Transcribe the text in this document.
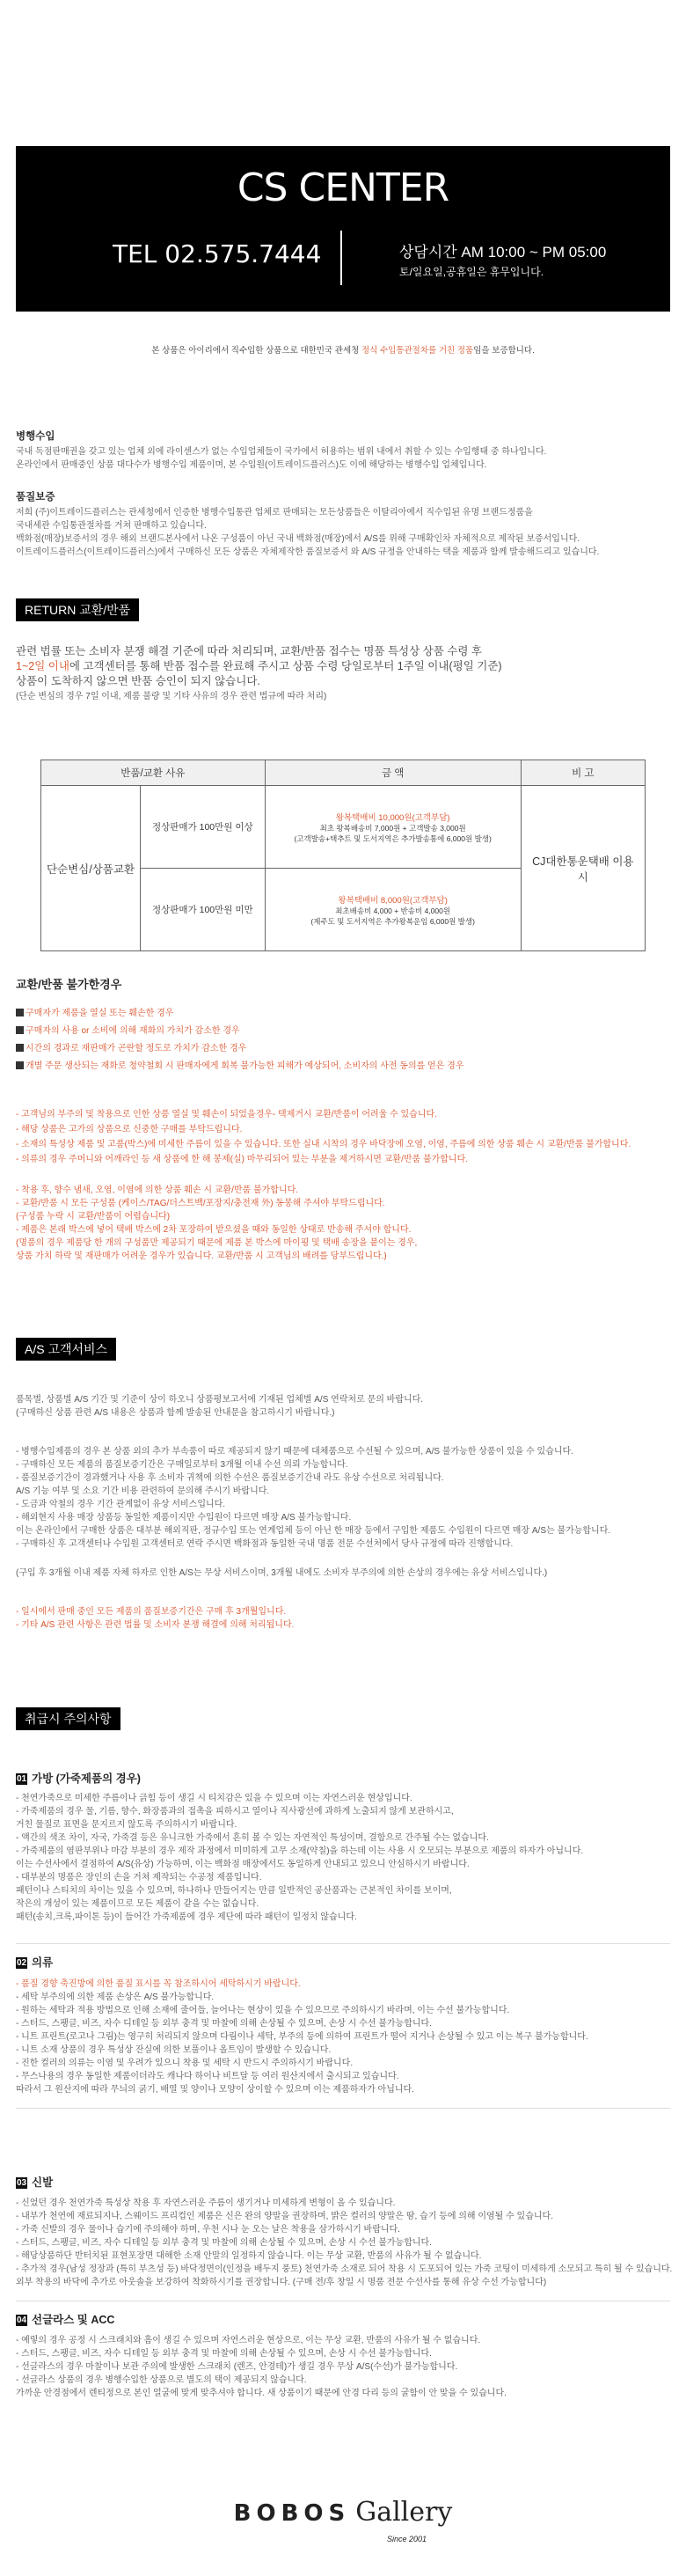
CS CENTER
TEL 02.575.7444	상담시간 AM 10:00 ~ PM 05:00
토/일요일,공휴일은 휴무입니다.
본 상품은 아이리에서 직수입한 상품으로 대한민국 관세청 정식 수입통관절차를 거친 정품임을 보증합니다.
병행수입
국내 독점판매권을 갖고 있는 업체 외에 라이센스가 없는 수입업체들이 국가에서 허용하는 범위 내에서 취할 수 있는 수입행태 중 하나입니다.
온라인에서 판매중인 상품 대다수가 병행수입 제품이며, 본 수입원(이트레이드플러스)도 이에 해당하는 병행수입 업체입니다.
품질보증
저희 (주)이트레이드플러스는 관세청에서 인증한 병행수입통관 업체로 판매되는 모든상품들은 이탈리아에서 직수입된 유명 브랜드정품을
국내세관 수입통관절차를 거쳐 판매하고 있습니다.
백화점(매장)보증서의 경우 해외 브랜드본사에서 나온 구성품이 아닌 국내 백화점(매장)에서 A/S를 위해 구매확인차 자체적으로 제작된 보증서입니다.
이트레이드플러스(이트레이드플러스)에서 구매하신 모든 상품은 자체제작한 품질보증서 와 A/S 규정을 안내하는 택을 제품과 함께 발송해드리고 있습니다.
RETURN 교환/반품
관련 법률 또는 소비자 분쟁 해결 기준에 따라 처리되며, 교환/반품 접수는 명품 특성상 상품 수령 후
1~2일 이내에 고객센터를 통해 반품 접수를 완료해 주시고 상품 수령 당일로부터 1주일 이내(평일 기준)
상품이 도착하지 않으면 반품 승인이 되지 않습니다.
(단순 변심의 경우 7일 이내, 제품 불량 및 기타 사유의 경우 관련 법규에 따라 처리)
반품/교환 사유		금 액	비 고
단순변심/상품교환	정상판매가 100만원 이상	왕복택배비 10,000원(고객부담)
최초 왕복배송비 7,000원 + 고객발송 3,000원
(고객발송+택추트 및 도서지역은 추가발송통에 6,000원 발생)	CJ대한통운택배 이용시
	정상판매가 100만원 미만	왕복택배비 8,000원(고객부담)
최초배송비 4,000 + 반송비 4,000원
(제주도 및 도서지역은 추가왕복운임 6,000원 발생)	
교환/반품 불가한경우
구매자가 제품을 열실 또는 훼손한 경우
구매자의 사용 or 소비에 의해 재화의 가치가 감소한 경우
시간의 경과로 재판매가 곤란할 정도로 가치가 감소한 경우
개별 주문 생산되는 재화로 청약철회 시 판매자에게 회복 불가능한 피해가 예상되어, 소비자의 사전 동의를 얻은 경우
- 고객님의 부주의 및 착용으로 인한 상품 열실 및 훼손이 되었을경우- 택제거시 교환/반품이 어려울 수 있습니다.
- 해당 상품은 고가의 상품으로 신중한 구매를 부탁드립니다.
- 소재의 특성상 제품 및 고품(박스)에 미세한 주름이 있을 수 있습니다. 또한 실내 시착의 경우 바닥장에 오염, 이염, 주름에 의한 상품 훼손 시 교환/반품 불가합니다.
- 의류의 경우 주머니와 어깨라인 등 새 상품에 한 해 봉제(실) 마무리되어 있는 부분을 제거하시면 교환/반품 불가합니다.
- 착용 후, 향수 냄새, 오염, 이염에 의한 상품 훼손 시 교환/반품 불가합니다.
- 교환/반품 시 모든 구성품 (케이스/TAG/더스트백/포장지/충전재 外) 동봉해 주셔야 부탁드립니다.
(구성품 누락 시 교환/반품이 어렵습니다)
- 제품은 본래 박스에 넣어 택배 박스에 2차 포장하여 받으셨을 때와 동일한 상태로 반송해 주셔야 합니다.
(명품의 경우 제품당 한 개의 구성품만 제공되기 때문에 제품 본 박스에 마이핑 및 택배 송장을 붙이는 경우,
상품 가치 하락 및 재판매가 어려운 경우가 있습니다. 교환/반품 시 고객님의 배려를 당부드립니다.)
A/S 고객서비스
품목별, 상품별 A/S 기간 및 기준이 상이 하오니 상품평보고서에 기재된 업체별 A/S 연락처로 문의 바랍니다.
(구매하신 상품 관련 A/S 내용은 상품과 함께 발송된 안내문을 참고하시기 바랍니다.)
- 병행수입제품의 경우 본 상품 외의 추가 부속품이 따로 제공되지 않기 때문에 대체품으로 수선될 수 있으며, A/S 불가능한 상품이 있을 수 있습니다.
- 구매하신 모든 제품의 품질보증기간은 구매일로부터 3개월 이내 수선 의뢰 가능합니다.
- 품질보증기간이 경과했거나 사용 후 소비자 귀책에 의한 수선은 품질보증기간내 라도 유상 수선으로 처리됩니다.
A/S 기능 여부 및 소요 기간 비용 관련하여 문의해 주시기 바랍니다.
- 도금과 악철의 경우 기간 관계없이 유상 서비스입니다.
- 해외현지 사용 매장 상품등 동일한 제품이지만 수입원이 다르면 매장 A/S 불가능합니다.
이는 온라인에서 구매한 상품은 대부분 해외직판, 정규수입 또는 연계업체 등이 아닌 한 매장 등에서 구입한 제품도 수입원이 다르면 매장 A/S는 불가능합니다.
- 구매하신 후 고객센터나 수입원 고객센터로 연락 주시면 백화점과 동일한 국내 명품 전문 수선처에서 당사 규정에 따라 진행합니다.
(구입 후 3개월 이내 제품 자체 하자로 인한 A/S는 무상 서비스이며, 3개월 내에도 소비자 부주의에 의한 손상의 경우에는 유상 서비스입니다.)
- 일시에서 판매 중인 모든 제품의 품질보증기간은 구매 후 3개월입니다.
- 기타 A/S 관련 사항은 관련 법률 및 소비자 분쟁 해결에 의해 처리됩니다.
취급시 주의사항
01 가방 (가죽제품의 경우)
- 천연가죽으로 미세한 주름이나 긁힘 등이 생길 시 티치감은 있을 수 있으며 이는 자연스러운 현상입니다.
- 가죽제품의 경우 물, 기름, 향수, 화장품과의 접촉을 피하시고 열이나 직사광선에 과하게 노출되지 않게 보관하시고,
거친 물질로 표면을 문지르지 않도록 주의하시기 바랍니다.
- 액간의 색조 차이, 자국, 가죽결 등은 유니크한 가죽에서 흔히 볼 수 있는 자연적인 특성이며, 결함으로 간주될 수는 없습니다.
- 가죽제품의 염판부위나 마감 부분의 경우 제작 과정에서 미미하게 고무 소재(약칠)을 하는데 이는 사용 시 오모되는 부분으로 제품의 하자가 아닙니다.
이는 수선사에서 결점하여 A/S(유상) 가능하며, 이는 백화점 매장에서도 동일하게 안내되고 있으니 안심하시기 바랍니다.
- 대부분의 명품은 장인의 손을 거쳐 제작되는 수공정 제품입니다.
패턴이나 스티치의 차이는 있을 수 있으며, 하나하나 만들어지는 만큼 일반적인 공산품과는 근본적인 차이를 보이며,
작은의 개성이 있는 제품이므로 모든 제품이 같을 수는 없습니다.
패턴(송치,크록,파이톤 등)이 들어간 가죽제품에 경우 제단에 따라 패턴이 일정치 않습니다.
02 의류
- 품질 경향 축진방에 의한 품질 표시를 꼭 참조하시어 세탁하시기 바랍니다.
- 세탁 부주의에 의한 제품 손상은 A/S 불가능합니다.
- 원하는 세탁과 적용 방법으로 인해 소재에 줄어들, 늘어나는 현상이 있을 수 있으므로 주의하시기 바라며, 이는 수선 불가능합니다.
- 스터드, 스팽글, 비즈, 자수 디테일 등 외부 충격 및 마찰에 의해 손상될 수 있으며, 손상 시 수선 불가능합니다.
- 니트 프린트(로고나 그림)는 영구히 처리되지 않으며 다림이나 세탁, 부주의 등에 의하여 프린트가 떨어 지거나 손상될 수 있고 이는 복구 불가능합니다.
- 니트 소재 상품의 경우 특성상 잔실에 의한 보풀이나 올트임이 발생할 수 있습니다.
- 진한 컬러의 의류는 이염 및 우려가 있으니 착용 및 세탁 시 반드시 주의하시기 바랍니다.
- 무스나용의 경우 동일한 제품이더라도 캐나다 하이나 비트달 등 여러 원산지에서 출시되고 있습니다.
따라서 그 원산지에 따라 무늬의 굵기, 배열 및 양이나 모양이 상이할 수 있으며 이는 제품하자가 아닙니다.
03 신발
- 신었던 경우 천연가죽 특성상 착용 후 자연스러운 주름이 생기거나 미세하게 변형이 올 수 있습니다.
- 내부가 천연에 재료되지나, 스웨이드 프리컵인 제품은 신은 완의 양말을 권장하며, 밝은 컬러의 양말은 땀, 습기 등에 의해 이염될 수 있습니다.
- 가죽 신발의 경우 물이나 습기에 주의해야 하며, 우천 시나 눈 오는 날은 착용을 삼가하시기 바랍니다.
- 스터드, 스팽글, 비즈, 자수 디테일 등 외부 충격 및 마찰에 의해 손상될 수 있으며, 손상 시 수선 불가능합니다.
- 해당상품하단 반터치된 표현포장면 대해한 소재 안말의 일정하지 않습니다. 이는 무상 교환, 반품의 사유가 될 수 없습니다.
- 추가적 경우(남성 정장과 (특히 부츠성 등) 바닥정면이(인정을 배두지 풍토) 천연가죽 소재로 되어 착용 시 도포되어 있는 가죽 코팅이 미세하게 소모되고 특히 될 수 있습니다.
외부 착용의 바닥에 추가로 아웃솔을 보강하여 착화하시기를 권장합니다. (구매 전/후 창일 시 명품 전문 수선사를 통해 유상 수선 가능합니다)
04 선글라스 및 ACC
- 예렇의 경우 공정 시 스크래치와 흠이 생길 수 있으며 자연스러운 현상으로, 이는 무상 교환, 반품의 사유가 될 수 없습니다.
- 스터드, 스팽글, 비즈, 자수 디테일 등 외부 충격 및 마찰에 의해 손상될 수 있으며, 손상 시 수선 불가능합니다.
- 선글라스의 경우 마찰이나 보관 주의에 발생한 스크래치 (렌즈, 안경테)가 생길 경우 무상 A/S(수선)가 불가능합니다.
- 선글라스 상품의 경우 병행수입한 상품으로 별도의 택이 제공되지 않습니다.
가까운 안경점에서 렌티정으로 본인 얼굴에 맞게 맞추셔야 합니다. 새 상품이기 때문에 안경 다리 등의 굴함이 안 맞을 수 있습니다.
BOBOS Gallery
Since 2001
